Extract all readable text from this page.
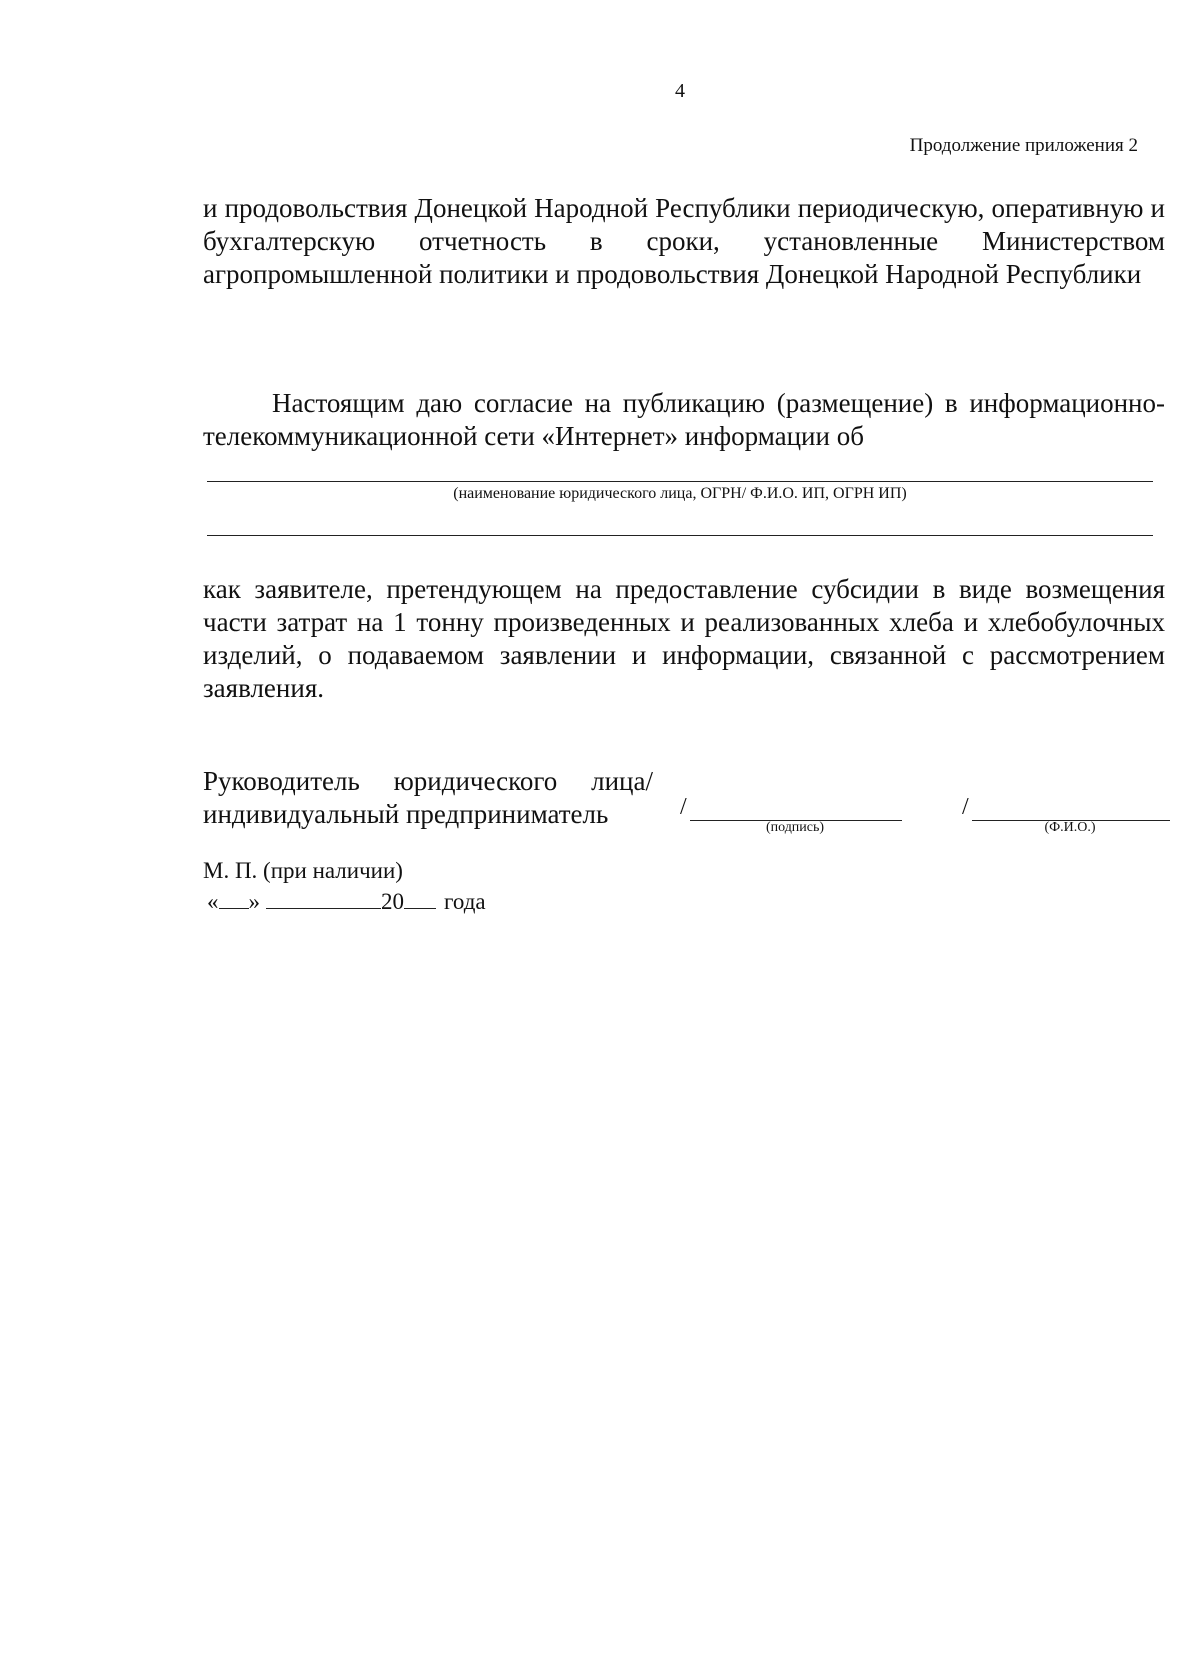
4
Продолжение приложения 2

и продовольствия Донецкой Народной Республики периодическую, оперативную и бухгалтерскую отчетность в сроки, установленные Министерством агропромышленной политики и продовольствия Донецкой Народной Республики

Настоящим даю согласие на публикацию (размещение) в информационно-телекоммуникационной сети «Интернет» информации об

(наименование юридического лица, ОГРН/ Ф.И.О. ИП, ОГРН ИП)

как заявителе, претендующем на предоставление субсидии в виде возмещения части затрат на 1 тонну произведенных и реализованных хлеба и хлебобулочных изделий, о подаваемом заявлении и информации, связанной с рассмотрением заявления.

Руководитель юридического лица/
индивидуальный предприниматель	/
(подпись)
/
(Ф.И.О.)
М. П. (при наличии)
« »	20 года
